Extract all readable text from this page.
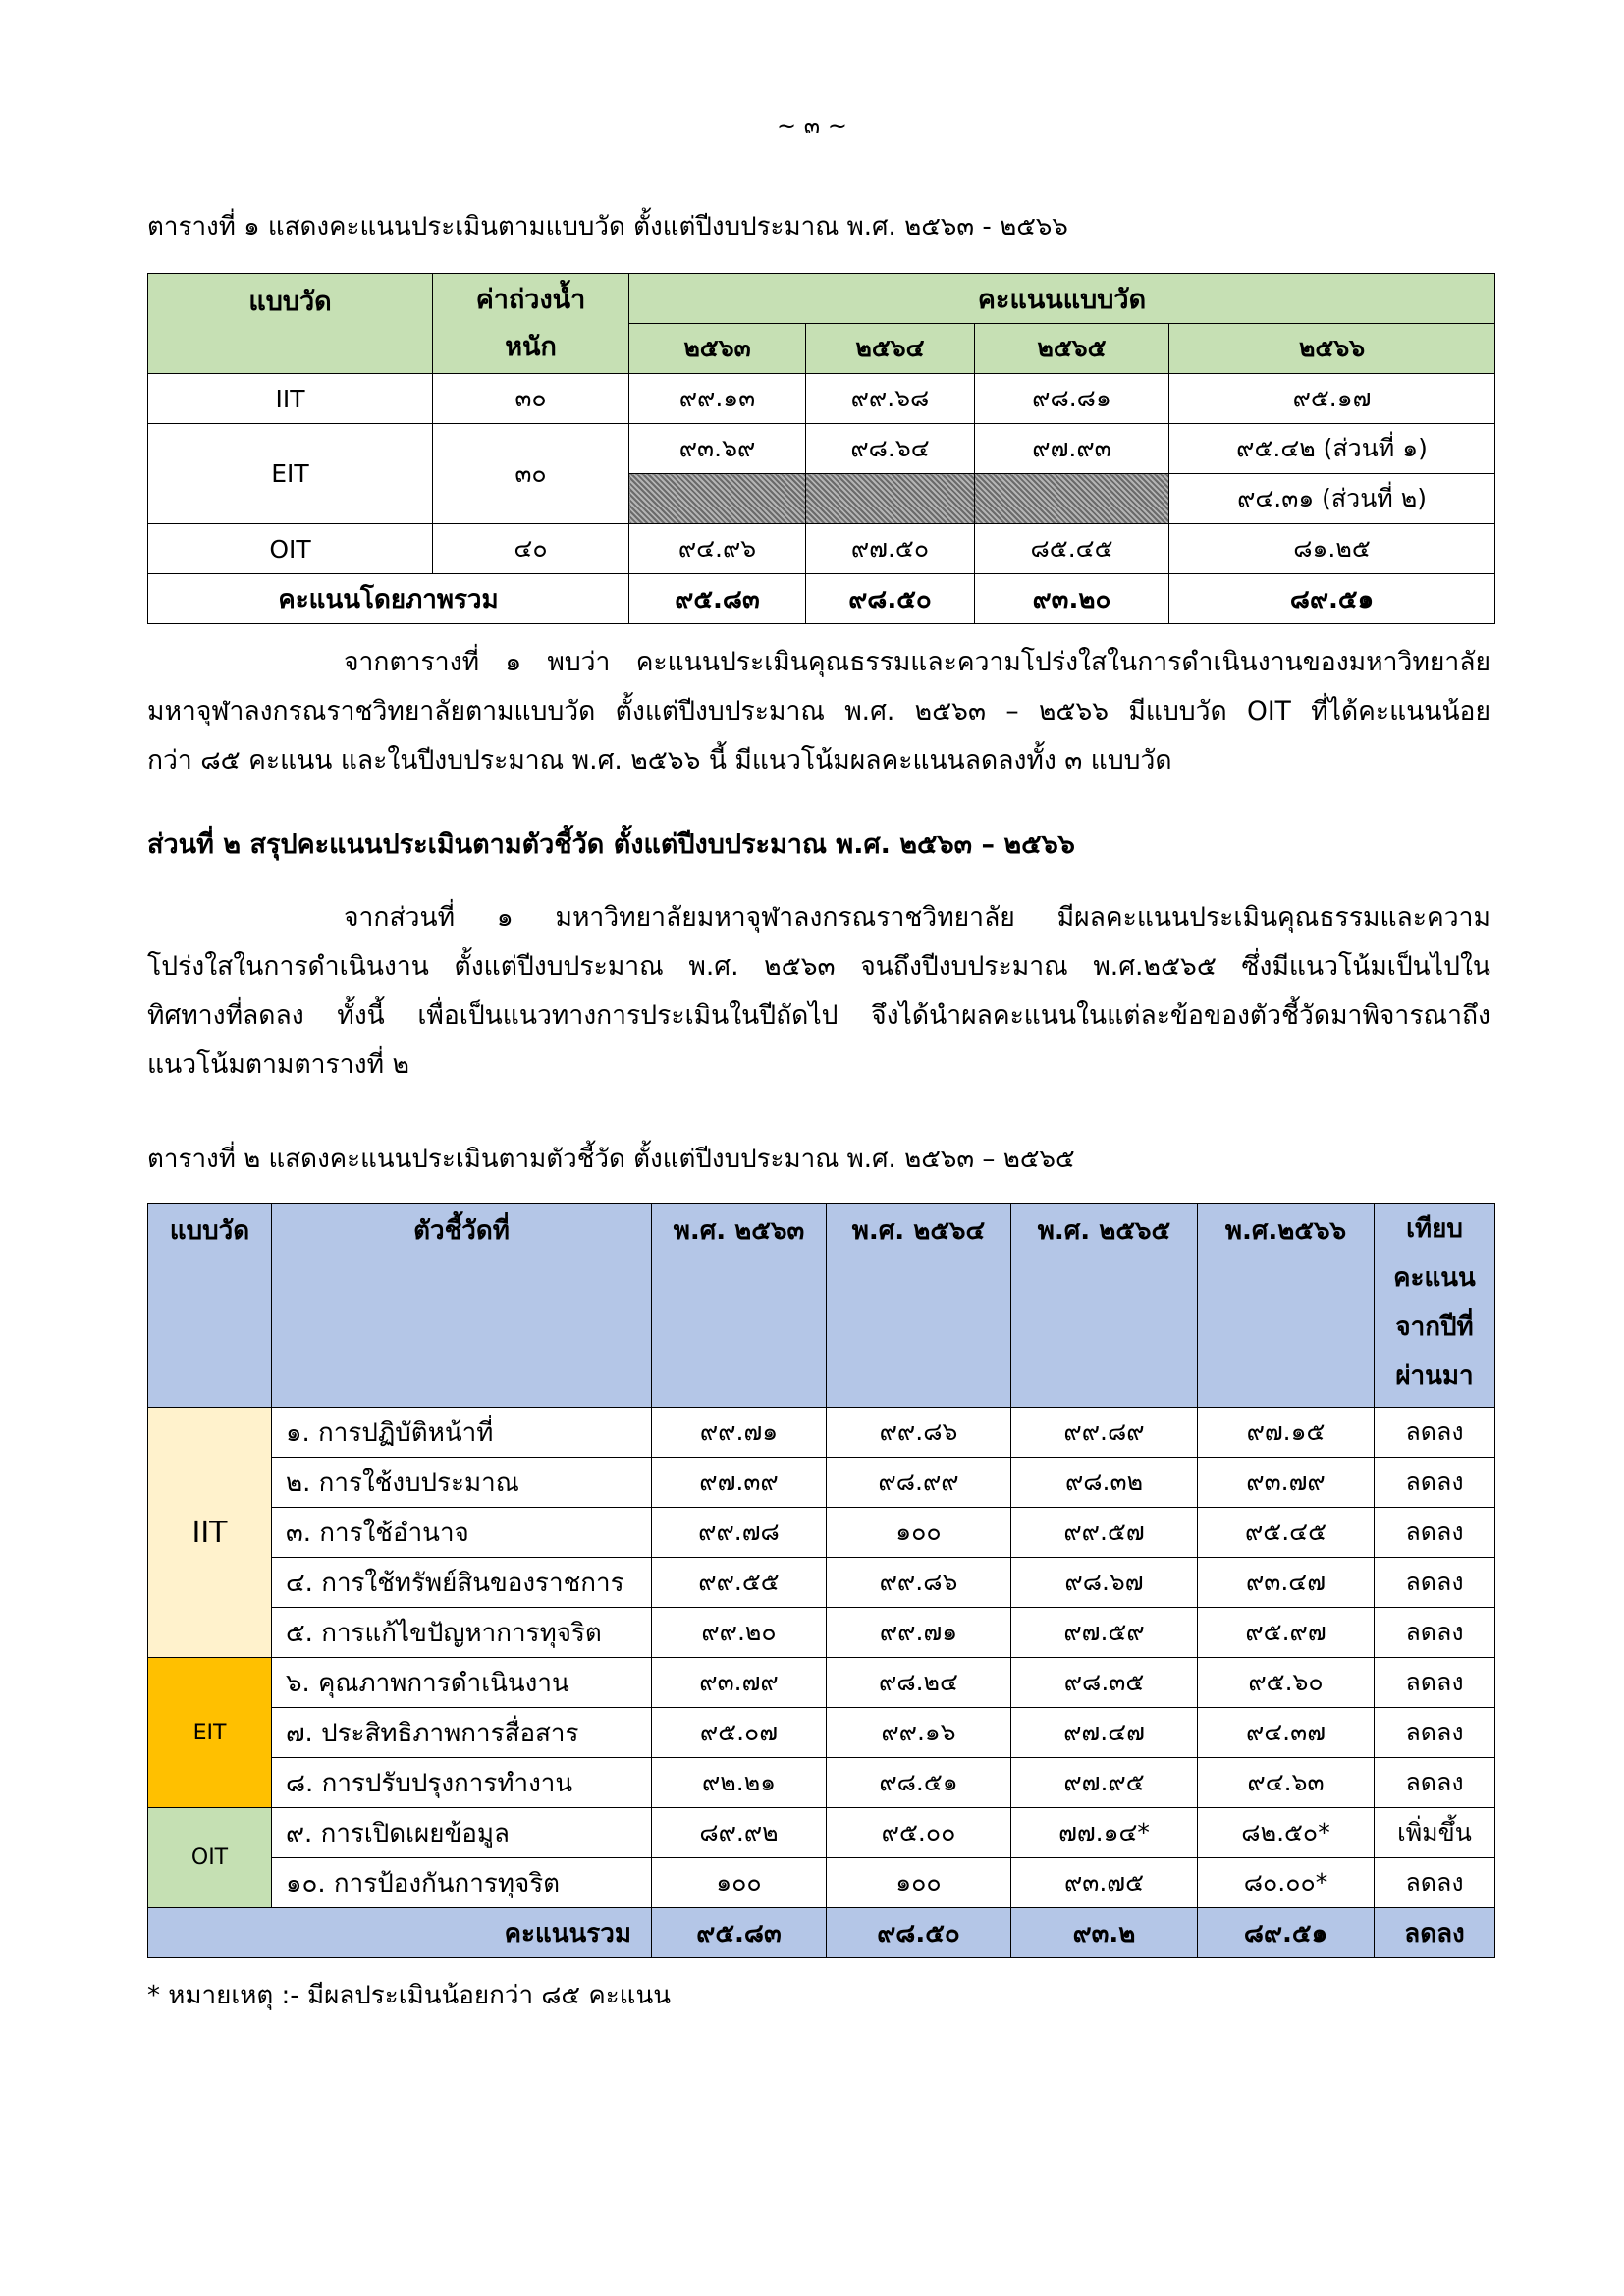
~ ๓ ~
ตารางที่ ๑ แสดงคะแนนประเมินตามแบบวัด ตั้งแต่ปีงบประมาณ พ.ศ. ๒๕๖๓ - ๒๕๖๖
แบบวัด	ค่าถ่วงน้ำหนัก	คะแนนแบบวัด			
		๒๕๖๓	๒๕๖๔	๒๕๖๕	๒๕๖๖
IIT	๓๐	๙๙.๑๓	๙๙.๖๘	๙๘.๘๑	๙๕.๑๗
EIT	๓๐	๙๓.๖๙	๙๘.๖๔	๙๗.๙๓	๙๕.๔๒ (ส่วนที่ ๑)
					๙๔.๓๑ (ส่วนที่ ๒)
OIT	๔๐	๙๔.๙๖	๙๗.๕๐	๘๕.๔๕	๘๑.๒๕
คะแนนโดยภาพรวม		๙๕.๘๓	๙๘.๕๐	๙๓.๒๐	๘๙.๕๑
จากตารางที่ ๑ พบว่า คะแนนประเมินคุณธรรมและความโปร่งใสในการดำเนินงานของมหาวิทยาลัย
มหาจุฬาลงกรณราชวิทยาลัยตามแบบวัด ตั้งแต่ปีงบประมาณ พ.ศ. ๒๕๖๓ – ๒๕๖๖ มีแบบวัด OIT ที่ได้คะแนนน้อย
กว่า ๘๕ คะแนน และในปีงบประมาณ พ.ศ. ๒๕๖๖ นี้ มีแนวโน้มผลคะแนนลดลงทั้ง ๓ แบบวัด
ส่วนที่ ๒ สรุปคะแนนประเมินตามตัวชี้วัด ตั้งแต่ปีงบประมาณ พ.ศ. ๒๕๖๓ – ๒๕๖๖
จากส่วนที่ ๑ มหาวิทยาลัยมหาจุฬาลงกรณราชวิทยาลัย มีผลคะแนนประเมินคุณธรรมและความ
โปร่งใสในการดำเนินงาน ตั้งแต่ปีงบประมาณ พ.ศ. ๒๕๖๓ จนถึงปีงบประมาณ พ.ศ.๒๕๖๕ ซึ่งมีแนวโน้มเป็นไปใน
ทิศทางที่ลดลง ทั้งนี้ เพื่อเป็นแนวทางการประเมินในปีถัดไป จึงได้นำผลคะแนนในแต่ละข้อของตัวชี้วัดมาพิจารณาถึง
แนวโน้มตามตารางที่ ๒
ตารางที่ ๒ แสดงคะแนนประเมินตามตัวชี้วัด ตั้งแต่ปีงบประมาณ พ.ศ. ๒๕๖๓ – ๒๕๖๕
แบบวัด	ตัวชี้วัดที่	พ.ศ. ๒๕๖๓	พ.ศ. ๒๕๖๔	พ.ศ. ๒๕๖๕	พ.ศ.๒๕๖๖	เทียบคะแนนจากปีที่ผ่านมา
IIT	๑. การปฏิบัติหน้าที่	๙๙.๗๑	๙๙.๘๖	๙๙.๘๙	๙๗.๑๕	ลดลง
	๒. การใช้งบประมาณ	๙๗.๓๙	๙๘.๙๙	๙๘.๓๒	๙๓.๗๙	ลดลง
	๓. การใช้อำนาจ	๙๙.๗๘	๑๐๐	๙๙.๕๗	๙๕.๔๕	ลดลง
	๔. การใช้ทรัพย์สินของราชการ	๙๙.๕๕	๙๙.๘๖	๙๘.๖๗	๙๓.๔๗	ลดลง
	๕. การแก้ไขปัญหาการทุจริต	๙๙.๒๐	๙๙.๗๑	๙๗.๕๙	๙๕.๙๗	ลดลง
EIT	๖. คุณภาพการดำเนินงาน	๙๓.๗๙	๙๘.๒๔	๙๘.๓๕	๙๕.๖๐	ลดลง
	๗. ประสิทธิภาพการสื่อสาร	๙๕.๐๗	๙๙.๑๖	๙๗.๔๗	๙๔.๓๗	ลดลง
	๘. การปรับปรุงการทำงาน	๙๒.๒๑	๙๘.๕๑	๙๗.๙๕	๙๔.๖๓	ลดลง
OIT	๙. การเปิดเผยข้อมูล	๘๙.๙๒	๙๕.๐๐	๗๗.๑๔*	๘๒.๕๐*	เพิ่มขึ้น
	๑๐. การป้องกันการทุจริต	๑๐๐	๑๐๐	๙๓.๗๕	๘๐.๐๐*	ลดลง
คะแนนรวม		๙๕.๘๓	๙๘.๕๐	๙๓.๒	๘๙.๕๑	ลดลง
* หมายเหตุ :- มีผลประเมินน้อยกว่า ๘๕ คะแนน
